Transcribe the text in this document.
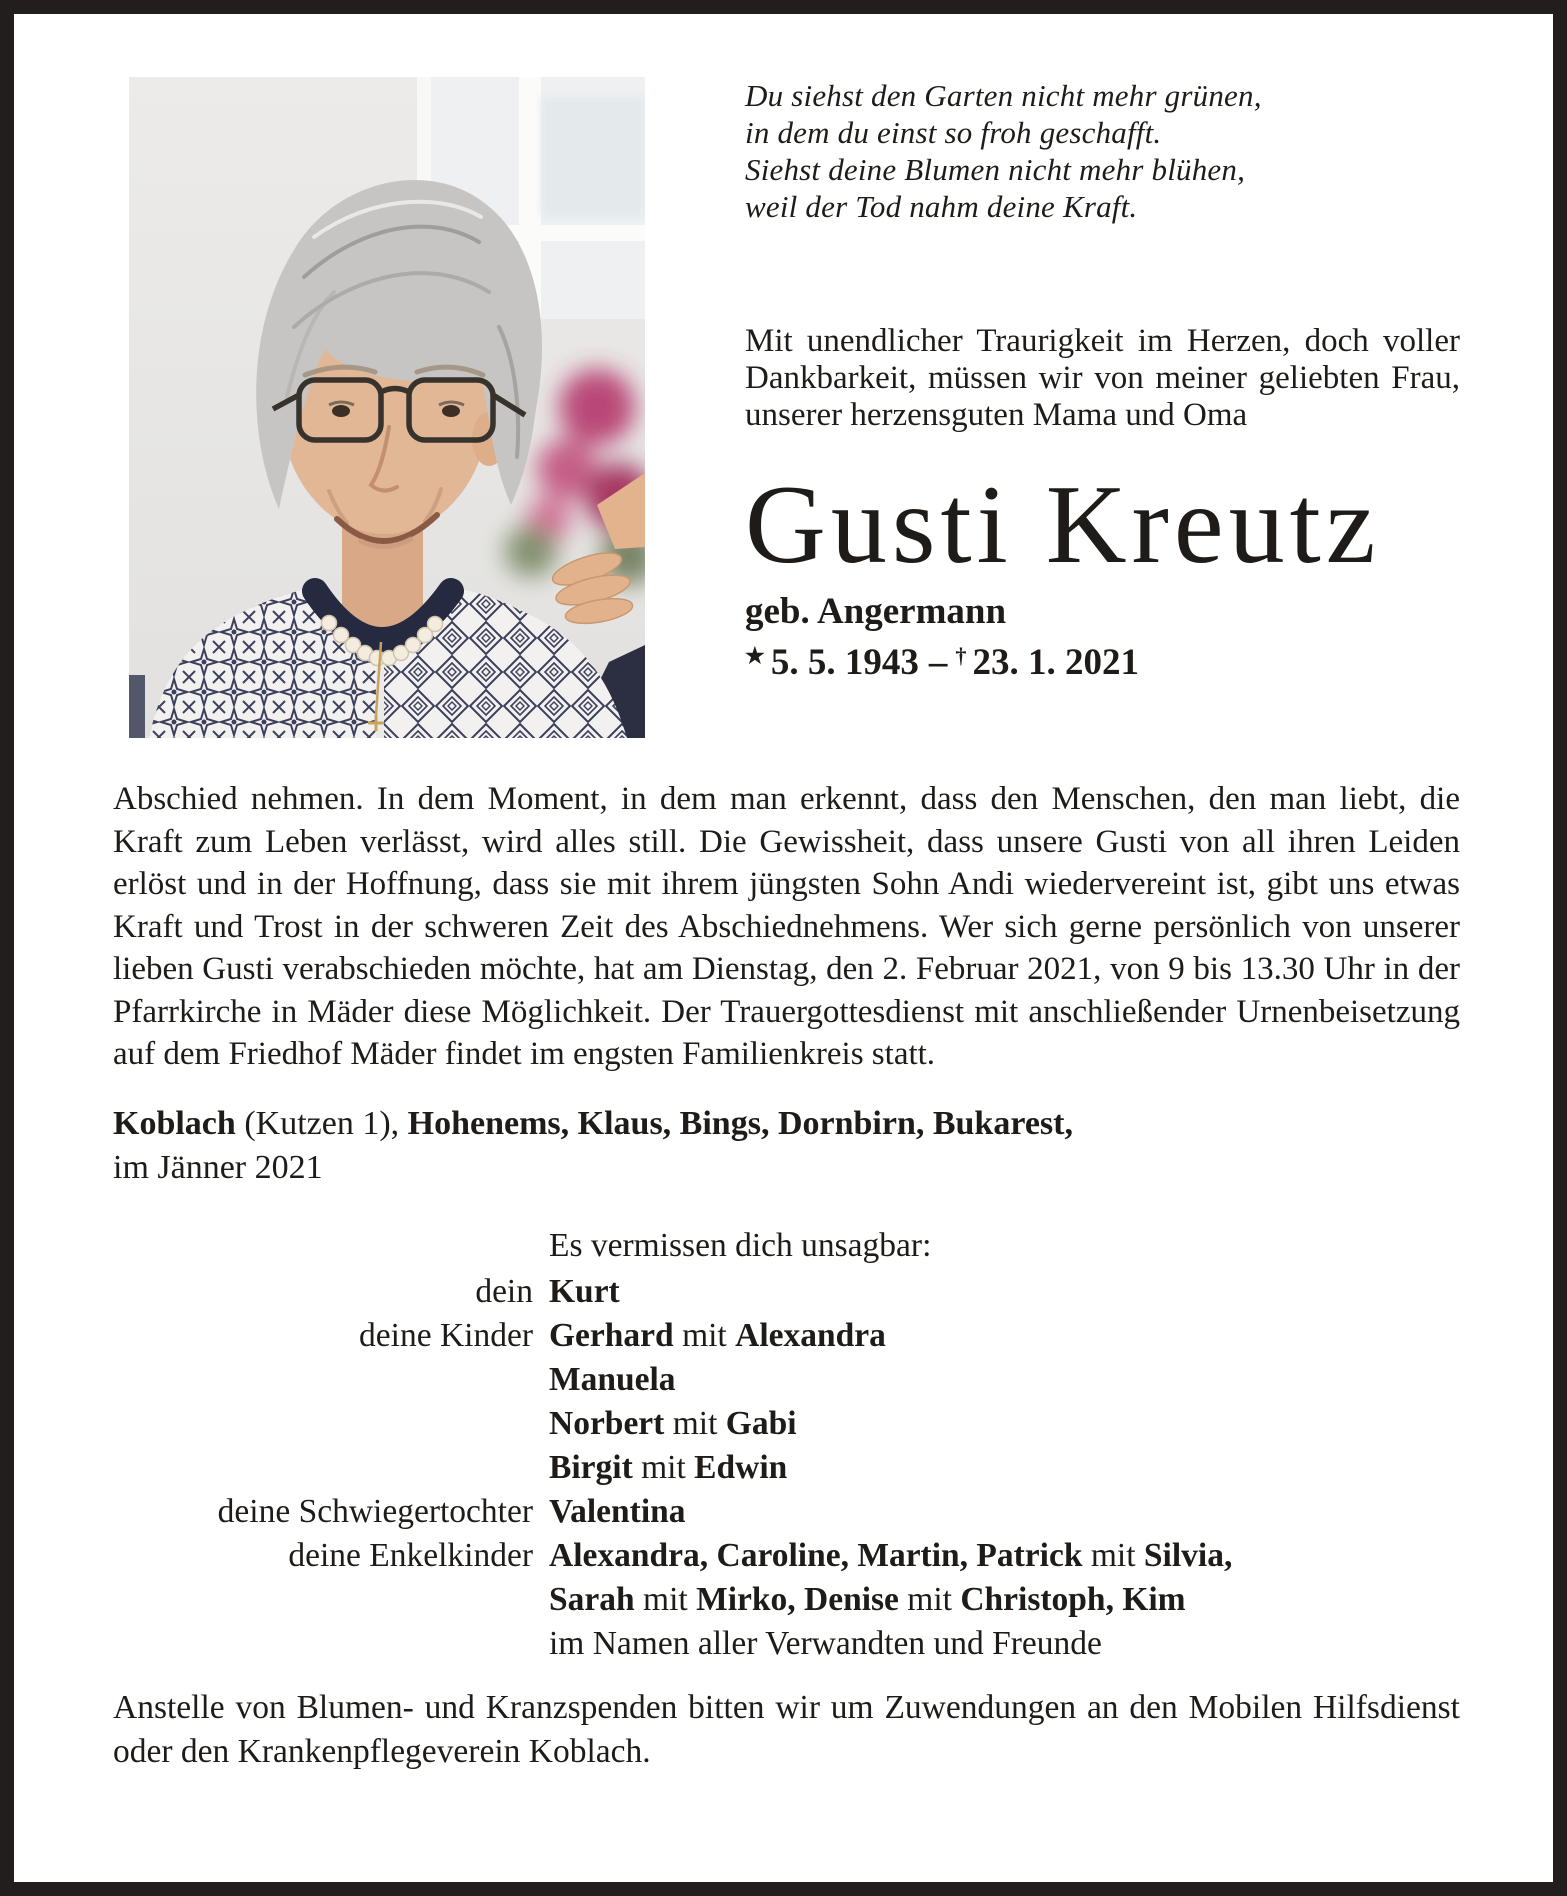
Du siehst den Garten nicht mehr grünen,
in dem du einst so froh geschafft.
Siehst deine Blumen nicht mehr blühen,
weil der Tod nahm deine Kraft.
Mit unendlicher Traurigkeit im Herzen, doch voller Dankbarkeit, müssen wir von meiner geliebten Frau, unserer herzensguten Mama und Oma
Gusti Kreutz
geb. Angermann
★ 5. 5. 1943 – † 23. 1. 2021

Abschied nehmen. In dem Moment, in dem man erkennt, dass den Menschen, den man liebt, die Kraft zum Leben verlässt, wird alles still. Die Gewissheit, dass unsere Gusti von all ihren Leiden erlöst und in der Hoffnung, dass sie mit ihrem jüngsten Sohn Andi wiedervereint ist, gibt uns etwas Kraft und Trost in der schweren Zeit des Abschiednehmens. Wer sich gerne persönlich von unserer lieben Gusti verabschieden möchte, hat am Dienstag, den 2. Februar 2021, von 9 bis 13.30 Uhr in der Pfarrkirche in Mäder diese Möglichkeit. Der Trauergottesdienst mit anschließender Urnenbeisetzung auf dem Friedhof Mäder findet im engsten Familienkreis statt.

Koblach (Kutzen 1), Hohenems, Klaus, Bings, Dornbirn, Bukarest,

im Jänner 2021
Es vermissen dich unsagbar:
dein Kurt
deine Kinder Gerhard mit Alexandra
Manuela
Norbert mit Gabi
Birgit mit Edwin
deine Schwiegertochter Valentina
deine Enkelkinder Alexandra, Caroline, Martin, Patrick mit Silvia,
Sarah mit Mirko, Denise mit Christoph, Kim
im Namen aller Verwandten und Freunde

Anstelle von Blumen- und Kranzspenden bitten wir um Zuwendungen an den Mobilen Hilfsdienst oder den Krankenpflegeverein Koblach.
